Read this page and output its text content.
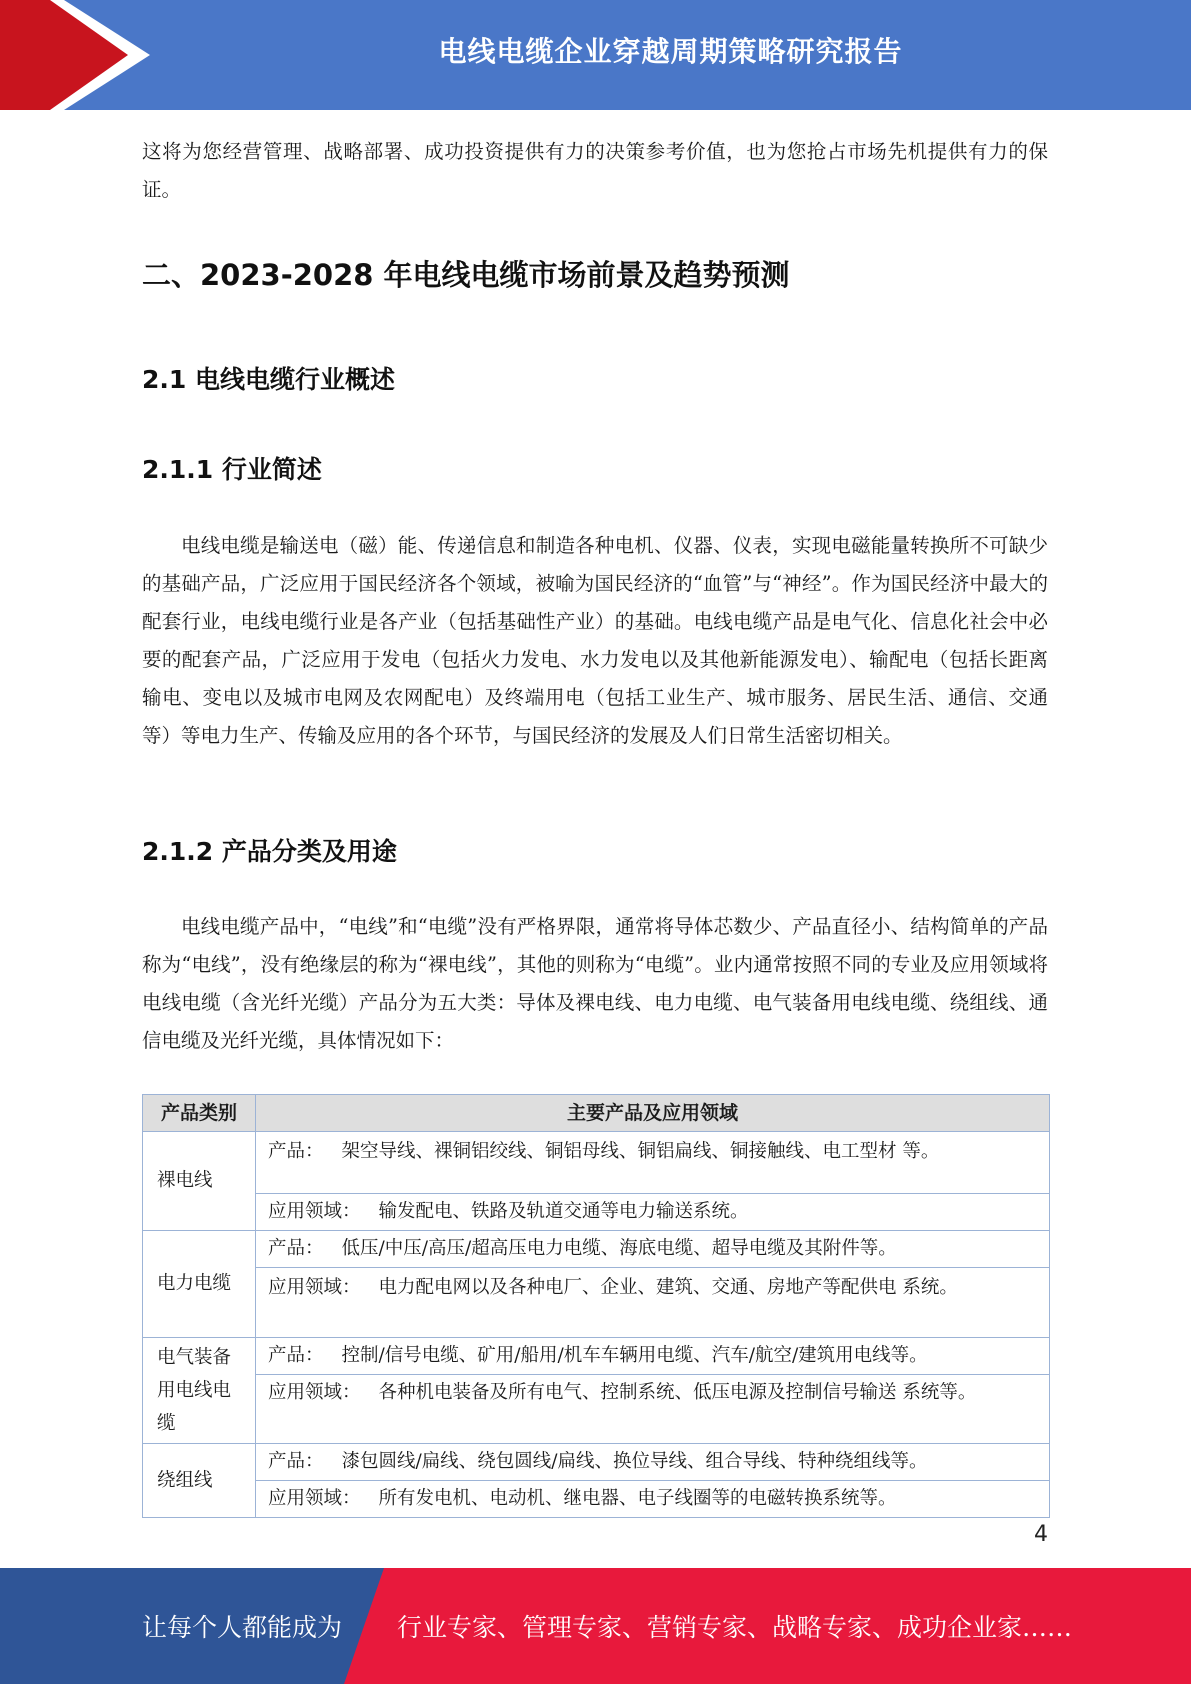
电线电缆企业穿越周期策略研究报告

这将为您经营管理、战略部署、成功投资提供有力的决策参考价值，也为您抢占市场先机提供有力的保证。

二、2023-2028 年电线电缆市场前景及趋势预测
2.1 电线电缆行业概述
2.1.1 行业简述

电线电缆是输送电（磁）能、传递信息和制造各种电机、仪器、仪表，实现电磁能量转换所不可缺少的基础产品，广泛应用于国民经济各个领域，被喻为国民经济的“血管”与“神经”。作为国民经济中最大的配套行业，电线电缆行业是各产业（包括基础性产业）的基础。电线电缆产品是电气化、信息化社会中必要的配套产品，广泛应用于发电（包括火力发电、水力发电以及其他新能源发电）、输配电（包括长距离输电、变电以及城市电网及农网配电）及终端用电（包括工业生产、城市服务、居民生活、通信、交通等）等电力生产、传输及应用的各个环节，与国民经济的发展及人们日常生活密切相关。

2.1.2 产品分类及用途

电线电缆产品中，“电线”和“电缆”没有严格界限，通常将导体芯数少、产品直径小、结构简单的产品称为“电线”，没有绝缘层的称为“裸电线”，其他的则称为“电缆”。业内通常按照不同的专业及应用领域将电线电缆（含光纤光缆）产品分为五大类：导体及裸电线、电力电缆、电气装备用电线电缆、绕组线、通信电缆及光纤光缆，具体情况如下：

产品类别	主要产品及应用领域
裸电线	产品： 架空导线、裸铜铝绞线、铜铝母线、铜铝扁线、铜接触线、电工型材 等。
	应用领域： 输发配电、铁路及轨道交通等电力输送系统。
电力电缆	产品： 低压/中压/高压/超高压电力电缆、海底电缆、超导电缆及其附件等。
	应用领域： 电力配电网以及各种电厂、企业、建筑、交通、房地产等配供电 系统。
电气装备用电线电缆	产品： 控制/信号电缆、矿用/船用/机车车辆用电缆、汽车/航空/建筑用电线等。
	应用领域： 各种机电装备及所有电气、控制系统、低压电源及控制信号输送 系统等。
绕组线	产品： 漆包圆线/扁线、绕包圆线/扁线、换位导线、组合导线、特种绕组线等。
	应用领域： 所有发电机、电动机、继电器、电子线圈等的电磁转换系统等。
4
让每个人都能成为 行业专家、管理专家、营销专家、战略专家、成功企业家……
